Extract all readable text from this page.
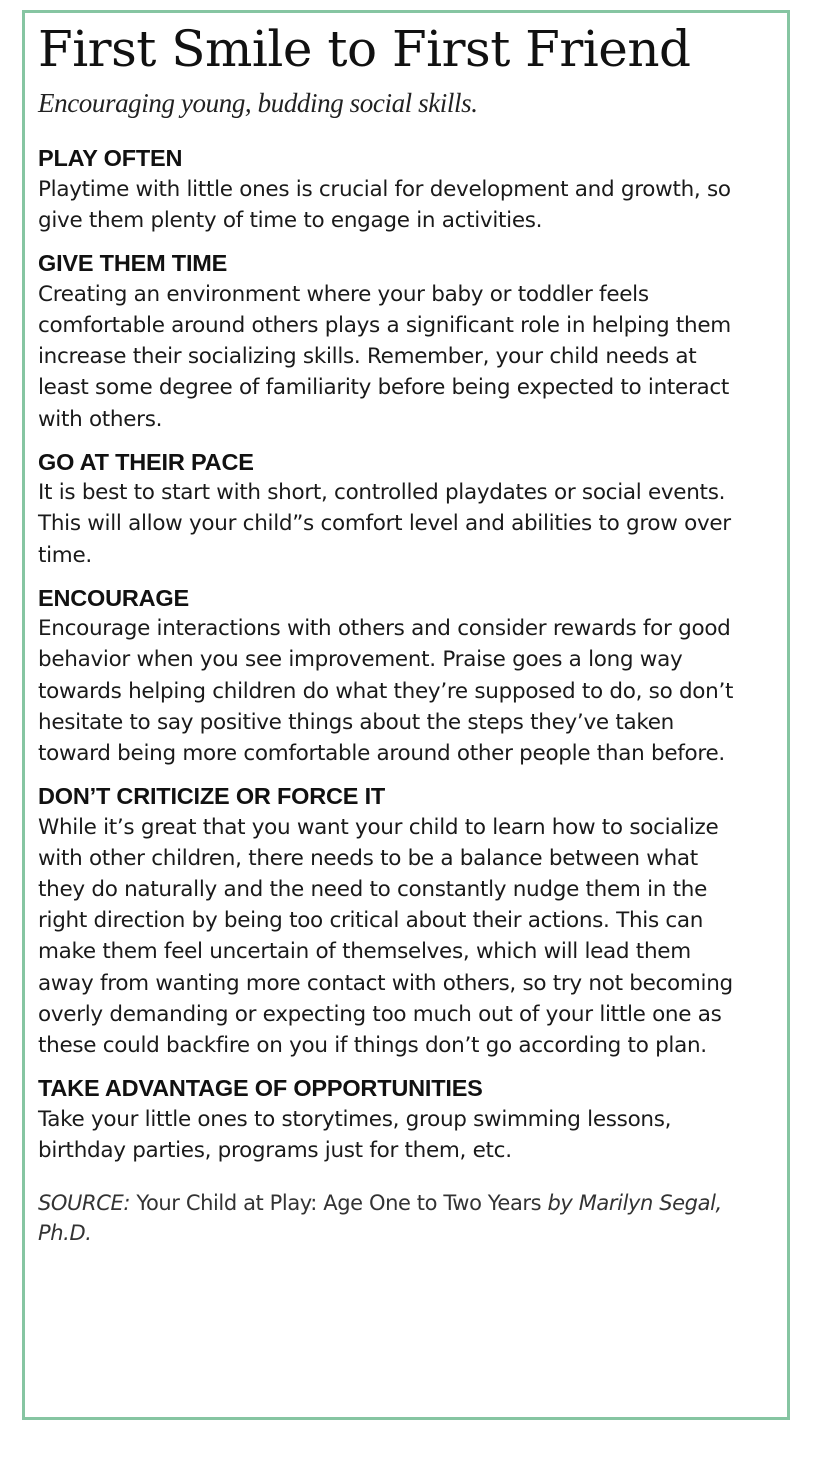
First Smile to First Friend

Encouraging young, budding social skills.

PLAY OFTEN

Playtime with little ones is crucial for development and growth, so give them plenty of time to engage in activities.

GIVE THEM TIME

Creating an environment where your baby or toddler feels comfortable around others plays a significant role in helping them increase their socializing skills. Remember, your child needs at least some degree of familiarity before being expected to interact with others.

GO AT THEIR PACE

It is best to start with short, controlled playdates or social events. This will allow your child”s comfort level and abilities to grow over time.

ENCOURAGE

Encourage interactions with others and consider rewards for good behavior when you see improvement. Praise goes a long way towards helping children do what they’re supposed to do, so don’t hesitate to say positive things about the steps they’ve taken toward being more comfortable around other people than before.

DON’T CRITICIZE OR FORCE IT

While it’s great that you want your child to learn how to socialize with other children, there needs to be a balance between what they do naturally and the need to constantly nudge them in the right direction by being too critical about their actions. This can make them feel uncertain of themselves, which will lead them away from wanting more contact with others, so try not becoming overly demanding or expecting too much out of your little one as these could backfire on you if things don’t go according to plan.

TAKE ADVANTAGE OF OPPORTUNITIES

Take your little ones to storytimes, group swimming lessons, birthday parties, programs just for them, etc.

SOURCE: Your Child at Play: Age One to Two Years by Marilyn Segal, Ph.D.
